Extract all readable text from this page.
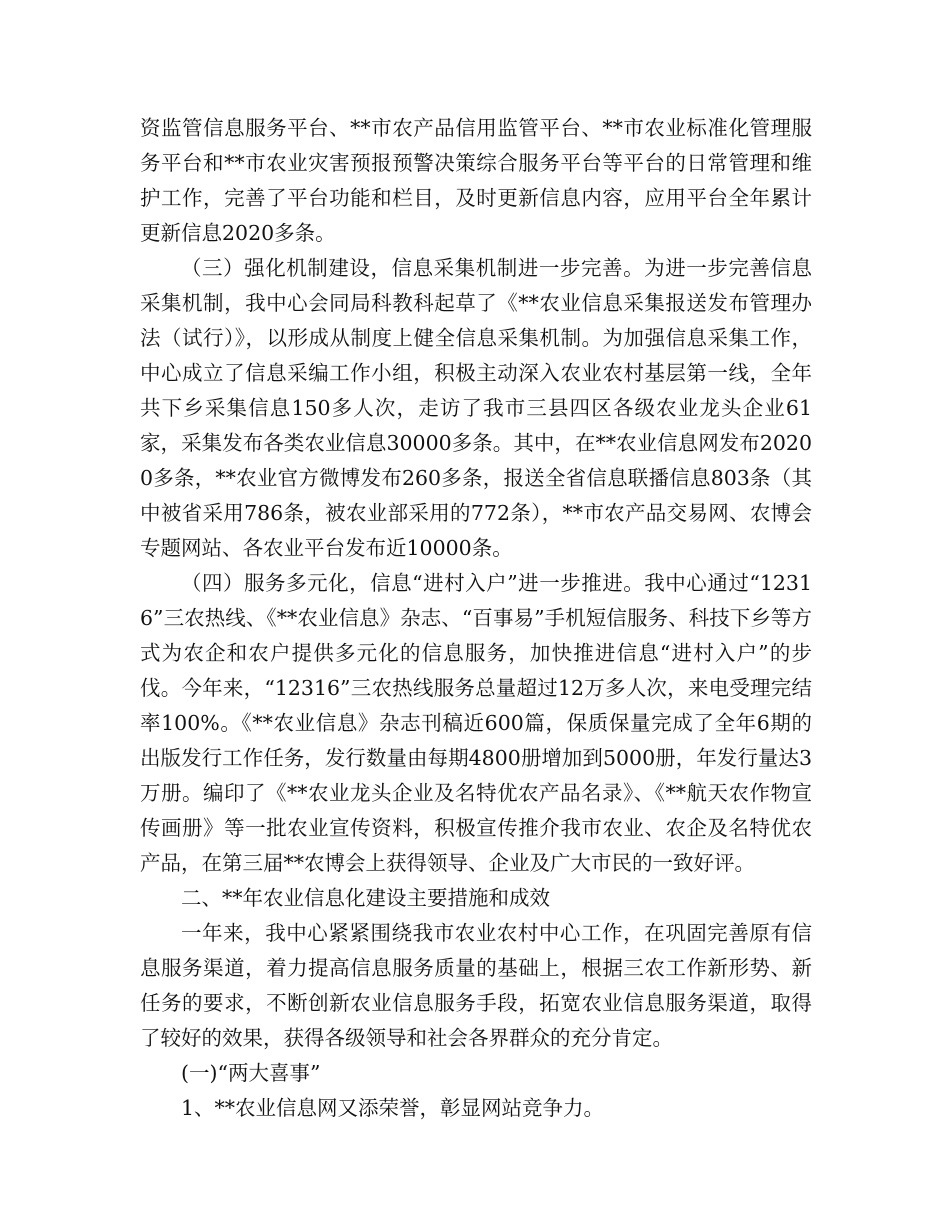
资监管信息服务平台、**市农产品信用监管平台、**市农业标准化管理服务平台和**市农业灾害预报预警决策综合服务平台等平台的日常管理和维护工作，完善了平台功能和栏目，及时更新信息内容，应用平台全年累计更新信息2020多条。

（三）强化机制建设，信息采集机制进一步完善。为进一步完善信息采集机制，我中心会同局科教科起草了《**农业信息采集报送发布管理办法（试行）》，以形成从制度上健全信息采集机制。为加强信息采集工作，中心成立了信息采编工作小组，积极主动深入农业农村基层第一线，全年共下乡采集信息150多人次，走访了我市三县四区各级农业龙头企业61家，采集发布各类农业信息30000多条。其中，在**农业信息网发布20200多条，**农业官方微博发布260多条，报送全省信息联播信息803条（其中被省采用786条，被农业部采用的772条），**市农产品交易网、农博会专题网站、各农业平台发布近10000条。

（四）服务多元化，信息“进村入户”进一步推进。我中心通过“12316”三农热线、《**农业信息》杂志、“百事易”手机短信服务、科技下乡等方式为农企和农户提供多元化的信息服务，加快推进信息“进村入户”的步伐。今年来，“12316”三农热线服务总量超过12万多人次，来电受理完结率100%。《**农业信息》杂志刊稿近600篇，保质保量完成了全年6期的出版发行工作任务，发行数量由每期4800册增加到5000册，年发行量达3万册。编印了《**农业龙头企业及名特优农产品名录》、《**航天农作物宣传画册》等一批农业宣传资料，积极宣传推介我市农业、农企及名特优农产品，在第三届**农博会上获得领导、企业及广大市民的一致好评。

二、**年农业信息化建设主要措施和成效

一年来，我中心紧紧围绕我市农业农村中心工作，在巩固完善原有信息服务渠道，着力提高信息服务质量的基础上，根据三农工作新形势、新任务的要求，不断创新农业信息服务手段，拓宽农业信息服务渠道，取得了较好的效果，获得各级领导和社会各界群众的充分肯定。

(一)“两大喜事”

1、**农业信息网又添荣誉，彰显网站竞争力。
